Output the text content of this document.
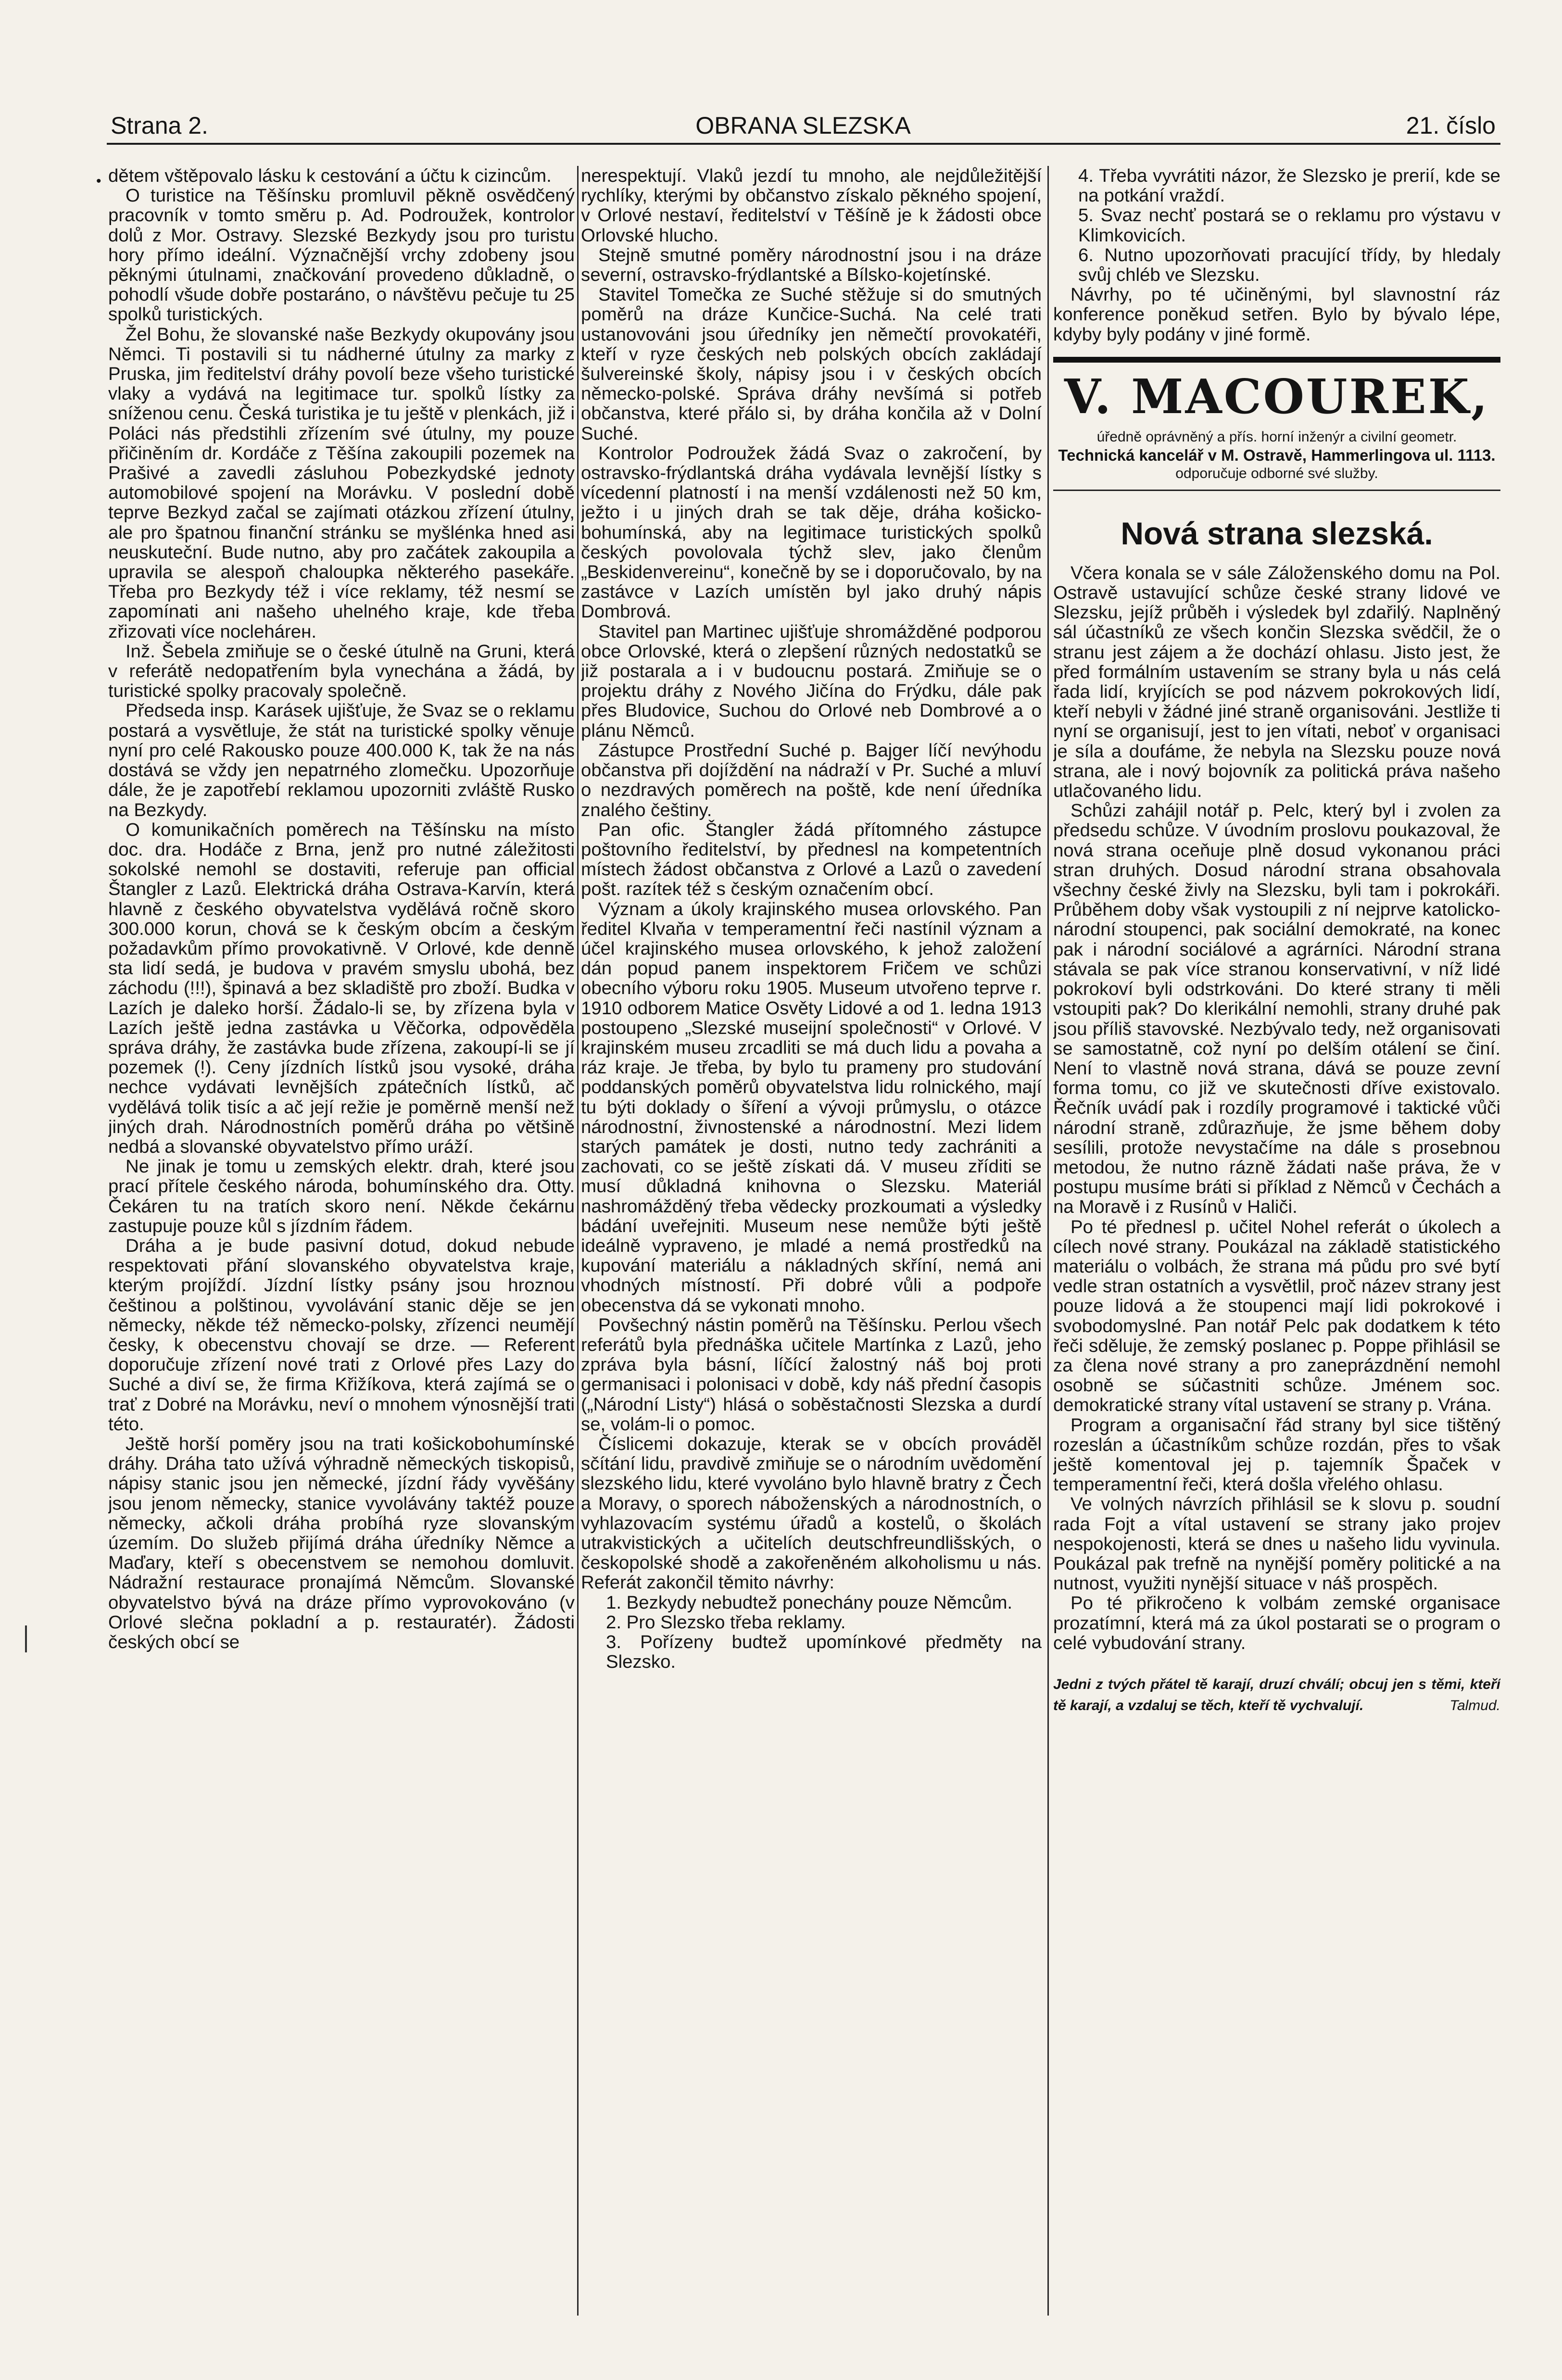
•
Strana 2.	OBRANA SLEZSKA	21. číslo

dětem vštěpovalo lásku k cestování a účtu k cizincům.

O turistice na Těšínsku promluvil pěkně osvědčený pracovník v tomto směru p. Ad. Podroužek, kontrolor dolů z Mor. Ostravy. Slezské Bezkydy jsou pro turistu hory přímo ideální. Význačnější vrchy zdobeny jsou pěknými útulnami, značkování provedeno důkladně, o pohodlí všude dobře postaráno, o návštěvu pečuje tu 25 spolků turistických.

Žel Bohu, že slovanské naše Bezkydy okupovány jsou Němci. Ti postavili si tu nádherné útulny za marky z Pruska, jim ředitelství dráhy povolí beze všeho turistické vlaky a vydává na legitimace tur. spolků lístky za sníženou cenu. Česká turistika je tu ještě v plenkách, již i Poláci nás předstihli zřízením své útulny, my pouze přičiněním dr. Kordáče z Těšína zakoupili pozemek na Prašivé a zavedli zásluhou Pobezkydské jednoty automobilové spojení na Morávku. V poslední době teprve Bezkyd začal se zajímati otázkou zřízení útulny, ale pro špatnou finanční stránku se myšlénka hned asi neuskuteční. Bude nutno, aby pro začátek zakoupila a upravila se alespoň chaloupka některého pasekáře. Třeba pro Bezkydy též i více reklamy, též nesmí se zapomínati ani našeho uhelného kraje, kde třeba zřizovati více noclehárен.

Inž. Šebela zmiňuje se o české útulně na Gruni, která v referátě nedopatřením byla vynechána a žádá, by turistické spolky pracovaly společně.

Předseda insp. Karásek ujišťuje, že Svaz se o reklamu postará a vysvětluje, že stát na turistické spolky věnuje nyní pro celé Rakousko pouze 400.000 K, tak že na nás dostává se vždy jen nepatrného zlomečku. Upozorňuje dále, že je zapotřebí reklamou upozorniti zvláště Rusko na Bezkydy.

O komunikačních poměrech na Těšínsku na místo doc. dra. Hodáče z Brna, jenž pro nutné záležitosti sokolské nemohl se dostaviti, referuje pan official Štangler z Lazů. Elektrická dráha Ostrava-Karvín, která hlavně z českého obyvatelstva vydělává ročně skoro 300.000 korun, chová se k českým obcím a českým požadavkům přímo provokativně. V Orlové, kde denně sta lidí sedá, je budova v pravém smyslu ubohá, bez záchodu (!!!), špinavá a bez skladiště pro zboží. Budka v Lazích je daleko horší. Žádalo-li se, by zřízena byla v Lazích ještě jedna zastávka u Věčorka, odpověděla správa dráhy, že zastávka bude zřízena, zakoupí-li se jí pozemek (!). Ceny jízdních lístků jsou vysoké, dráha nechce vydávati levnějších zpátečních lístků, ač vydělává tolik tisíc a ač její režie je poměrně menší než jiných drah. Národnostních poměrů dráha po většině nedbá a slovanské obyvatelstvo přímo uráží.

Ne jinak je tomu u zemských elektr. drah, které jsou prací přítele českého národa, bohumínského dra. Otty. Čekáren tu na tratích skoro není. Někde čekárnu zastupuje pouze kůl s jízdním řádem.

Dráha a je bude pasivní dotud, dokud nebude respektovati přání slovanského obyvatelstva kraje, kterým projíždí. Jízdní lístky psány jsou hroznou češtinou a polštinou, vyvolávání stanic děje se jen německy, někde též německo-polsky, zřízenci neumějí česky, k obecenstvu chovají se drze. — Referent doporučuje zřízení nové trati z Orlové přes Lazy do Suché a diví se, že firma Křižíkova, která zajímá se o trať z Dobré na Morávku, neví o mnohem výnosnější trati této.

Ještě horší poměry jsou na trati košickobohumínské dráhy. Dráha tato užívá výhradně německých tiskopisů, nápisy stanic jsou jen německé, jízdní řády vyvěšány jsou jenom německy, stanice vyvolávány taktéž pouze německy, ačkoli dráha probíhá ryze slovanským územím. Do služeb přijímá dráha úředníky Němce a Maďary, kteří s obecenstvem se nemohou domluvit. Nádražní restaurace pronajímá Němcům. Slovanské obyvatelstvo bývá na dráze přímo vyprovokováno (v Orlové slečna pokladní a p. restauratér). Žádosti českých obcí se

nerespektují. Vlaků jezdí tu mnoho, ale nejdůležitější rychlíky, kterými by občanstvo získalo pěkného spojení, v Orlové nestaví, ředitelství v Těšíně je k žádosti obce Orlovské hlucho.

Stejně smutné poměry národnostní jsou i na dráze severní, ostravsko-frýdlantské a Bílsko-kojetínské.

Stavitel Tomečka ze Suché stěžuje si do smutných poměrů na dráze Kunčice-Suchá. Na celé trati ustanovováni jsou úředníky jen němečtí provokatéři, kteří v ryze českých neb polských obcích zakládají šulvereinské školy, nápisy jsou i v českých obcích německo-polské. Správa dráhy nevšímá si potřeb občanstva, které přálo si, by dráha končila až v Dolní Suché.

Kontrolor Podroužek žádá Svaz o zakročení, by ostravsko-frýdlantská dráha vydávala levnější lístky s vícedenní platností i na menší vzdálenosti než 50 km, ježto i u jiných drah se tak děje, dráha košicko-bohumínská, aby na legitimace turistických spolků českých povolovala týchž slev, jako členům „Beskidenvereinu“, konečně by se i doporučovalo, by na zastávce v Lazích umístěn byl jako druhý nápis Dombrová.

Stavitel pan Martinec ujišťuje shromážděné podporou obce Orlovské, která o zlepšení různých nedostatků se již postarala a i v budoucnu postará. Zmiňuje se o projektu dráhy z Nového Jičína do Frýdku, dále pak přes Bludovice, Suchou do Orlové neb Dombrové a o plánu Němců.

Zástupce Prostřední Suché p. Bajger líčí nevýhodu občanstva při dojíždění na nádraží v Pr. Suché a mluví o nezdravých poměrech na poště, kde není úředníka znalého češtiny.

Pan ofic. Štangler žádá přítomného zástupce poštovního ředitelství, by přednesl na kompetentních místech žádost občanstva z Orlové a Lazů o zavedení pošt. razítek též s českým označením obcí.

Význam a úkoly krajinského musea orlovského. Pan ředitel Klvaňa v temperamentní řeči nastínil význam a účel krajinského musea orlovského, k jehož založení dán popud panem inspektorem Fričem ve schůzi obecního výboru roku 1905. Museum utvořeno teprve r. 1910 odborem Matice Osvěty Lidové a od 1. ledna 1913 postoupeno „Slezské museijní společnosti“ v Orlové. V krajinském museu zrcadliti se má duch lidu a povaha a ráz kraje. Je třeba, by bylo tu prameny pro studování poddanských poměrů obyvatelstva lidu rolnického, mají tu býti doklady o šíření a vývoji průmyslu, o otázce národnostní, živnostenské a národnostní. Mezi lidem starých památek je dosti, nutno tedy zachrániti a zachovati, co se ještě získati dá. V museu zříditi se musí důkladná knihovna o Slezsku. Materiál nashromážděný třeba vědecky prozkoumati a výsledky bádání uveřejniti. Museum nese nemůže býti ještě ideálně vypraveno, je mladé a nemá prostředků na kupování materiálu a nákladných skříní, nemá ani vhodných místností. Při dobré vůli a podpoře obecenstva dá se vykonati mnoho.

Povšechný nástin poměrů na Těšínsku. Perlou všech referátů byla přednáška učitele Martínka z Lazů, jeho zpráva byla básní, líčící žalostný náš boj proti germanisaci i polonisaci v době, kdy náš přední časopis („Národní Listy“) hlásá o soběstačnosti Slezska a durdí se, volám-li o pomoc.

Číslicemi dokazuje, kterak se v obcích prováděl sčítání lidu, pravdivě zmiňuje se o národním uvědomění slezského lidu, které vyvoláno bylo hlavně bratry z Čech a Moravy, o sporech náboženských a národnostních, o vyhlazovacím systému úřadů a kostelů, o školách utrakvistických a učitelích deutschfreundlišských, o českopolské shodě a zakořeněném alkoholismu u nás. Referát zakončil těmito návrhy:

1. Bezkydy nebudtež ponechány pouze Němcům.

2. Pro Slezsko třeba reklamy.

3. Pořízeny budtež upomínkové předměty na Slezsko.

4. Třeba vyvrátiti názor, že Slezsko je prerií, kde se na potkání vraždí.

5. Svaz nechť postará se o reklamu pro výstavu v Klimkovicích.

6. Nutno upozorňovati pracující třídy, by hledaly svůj chléb ve Slezsku.

Návrhy, po té učiněnými, byl slavnostní ráz konference poněkud setřen. Bylo by bývalo lépe, kdyby byly podány v jiné formě.

V. MACOUREK,

úředně oprávněný a přís. horní inženýr a civilní geometr.

Technická kancelář v M. Ostravě, Hammerlingova ul. 1113.

odporučuje odborné své služby.

Nová strana slezská.

Včera konala se v sále Záloženského domu na Pol. Ostravě ustavující schůze české strany lidové ve Slezsku, jejíž průběh i výsledek byl zdařilý. Naplněný sál účastníků ze všech končin Slezska svědčil, že o stranu jest zájem a že dochází ohlasu. Jisto jest, že před formálním ustavením se strany byla u nás celá řada lidí, kryjících se pod názvem pokrokových lidí, kteří nebyli v žádné jiné straně organisováni. Jestliže ti nyní se organisují, jest to jen vítati, neboť v organisaci je síla a doufáme, že nebyla na Slezsku pouze nová strana, ale i nový bojovník za politická práva našeho utlačovaného lidu.

Schůzi zahájil notář p. Pelc, který byl i zvolen za předsedu schůze. V úvodním proslovu poukazoval, že nová strana oceňuje plně dosud vykonanou práci stran druhých. Dosud národní strana obsahovala všechny české živly na Slezsku, byli tam i pokrokáři. Průběhem doby však vystoupili z ní nejprve katolicko-národní stoupenci, pak sociální demokraté, na konec pak i národní sociálové a agrárníci. Národní strana stávala se pak více stranou konservativní, v níž lidé pokrokoví byli odstrkováni. Do které strany ti měli vstoupiti pak? Do klerikální nemohli, strany druhé pak jsou příliš stavovské. Nezbývalo tedy, než organisovati se samostatně, což nyní po delším otálení se činí. Není to vlastně nová strana, dává se pouze zevní forma tomu, co již ve skutečnosti dříve existovalo. Řečník uvádí pak i rozdíly programové i taktické vůči národní straně, zdůrazňuje, že jsme během doby sesílili, protože nevystačíme na dále s prosebnou metodou, že nutno rázně žádati naše práva, že v postupu musíme bráti si příklad z Němců v Čechách a na Moravě i z Rusínů v Haliči.

Po té přednesl p. učitel Nohel referát o úkolech a cílech nové strany. Poukázal na základě statistického materiálu o volbách, že strana má půdu pro své bytí vedle stran ostatních a vysvětlil, proč název strany jest pouze lidová a že stoupenci mají lidi pokrokové i svobodomyslné. Pan notář Pelc pak dodatkem k této řeči sděluje, že zemský poslanec p. Poppe přihlásil se za člena nové strany a pro zaneprázdnění nemohl osobně se súčastniti schůze. Jménem soc. demokratické strany vítal ustavení se strany p. Vrána.

Program a organisační řád strany byl sice tištěný rozeslán a účastníkům schůze rozdán, přes to však ještě komentoval jej p. tajemník Špaček v temperamentní řeči, která došla vřelého ohlasu.

Ve volných návrzích přihlásil se k slovu p. soudní rada Fojt a vítal ustavení se strany jako projev nespokojenosti, která se dnes u našeho lidu vyvinula. Poukázal pak trefně na nynější poměry politické a na nutnost, využiti nynější situace v náš prospěch.

Po té přikročeno k volbám zemské organisace prozatímní, která má za úkol postarati se o program o celé vybudování strany.

Jedni z tvých přátel tě karají, druzí chválí; obcuj jen s těmi, kteří tě karají, a vzdaluj se těch, kteří tě vychvalují.	Talmud.
